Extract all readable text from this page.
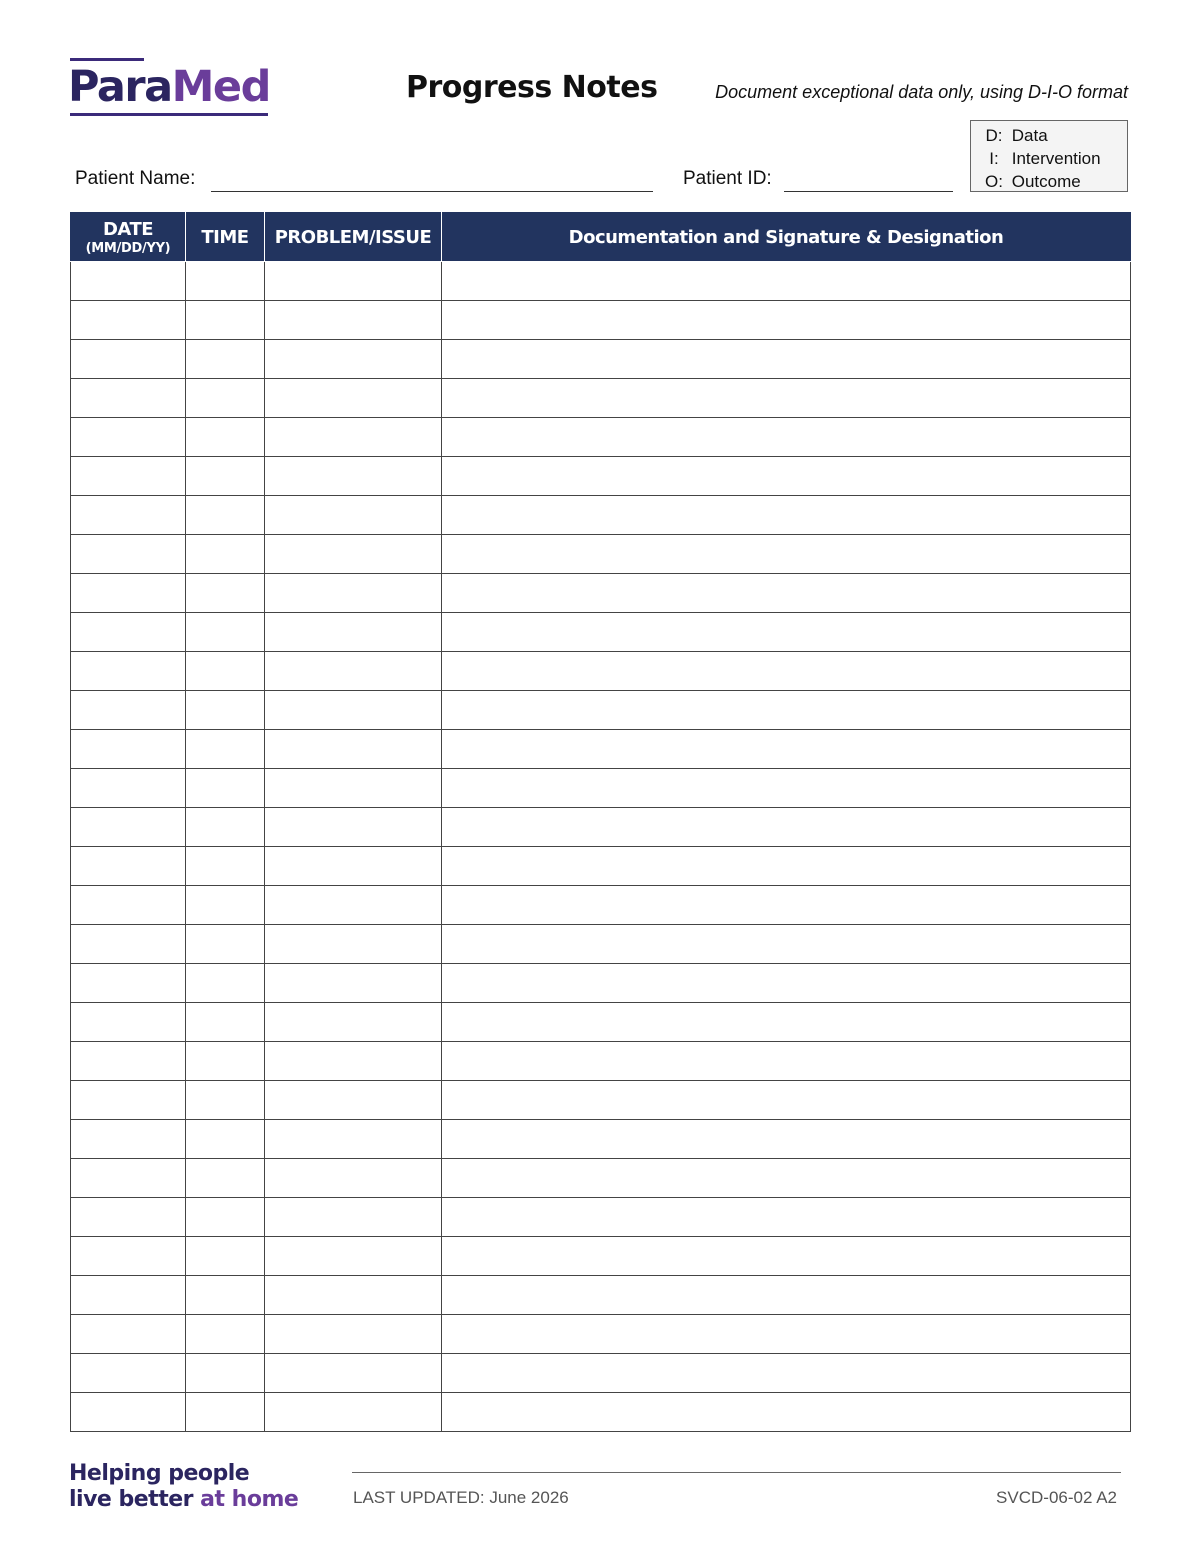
ParaMed	Progress Notes	Document exceptional data only, using D-I-O format
D: Data
I: Intervention
O: Outcome
Patient Name:	Patient ID:
DATE
(MM/DD/YY)	TIME	PROBLEM/ISSUE	Documentation and Signature & Designation

Helping people
live better at home	LAST UPDATED: June 2026	SVCD-06-02 A2
